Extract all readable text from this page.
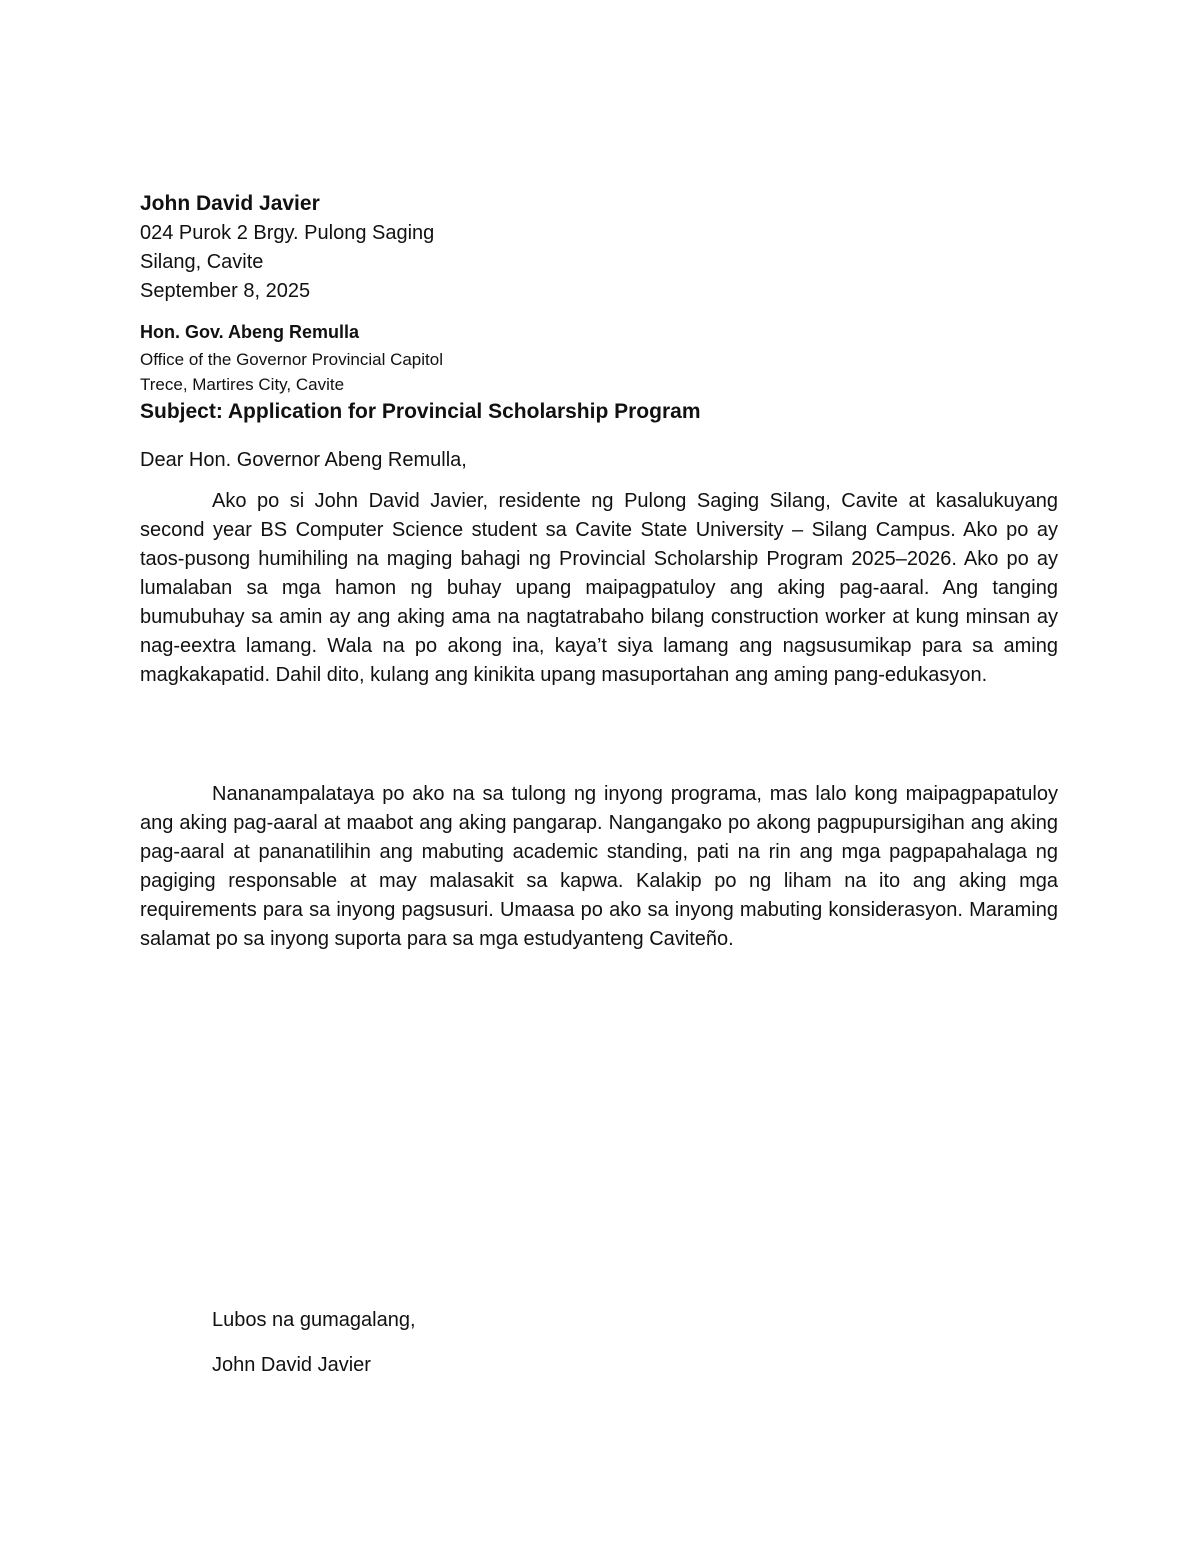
John David Javier

024 Purok 2 Brgy. Pulong Saging

Silang, Cavite

September 8, 2025

Hon. Gov. Abeng Remulla

Office of the Governor Provincial Capitol

Trece, Martires City, Cavite

Subject: Application for Provincial Scholarship Program

Dear Hon. Governor Abeng Remulla,

Ako po si John David Javier, residente ng Pulong Saging Silang, Cavite at kasalukuyang second year BS Computer Science student sa Cavite State University – Silang Campus. Ako po ay taos-pusong humihiling na maging bahagi ng Provincial Scholarship Program 2025–2026. Ako po ay lumalaban sa mga hamon ng buhay upang maipagpatuloy ang aking pag-aaral. Ang tanging bumubuhay sa amin ay ang aking ama na nagtatrabaho bilang construction worker at kung minsan ay nag-eextra lamang. Wala na po akong ina, kaya’t siya lamang ang nagsusumikap para sa aming magkakapatid. Dahil dito, kulang ang kinikita upang masuportahan ang aming pang-edukasyon.

Nananampalataya po ako na sa tulong ng inyong programa, mas lalo kong maipagpapatuloy ang aking pag-aaral at maabot ang aking pangarap. Nangangako po akong pagpupursigihan ang aking pag-aaral at pananatilihin ang mabuting academic standing, pati na rin ang mga pagpapahalaga ng pagiging responsable at may malasakit sa kapwa. Kalakip po ng liham na ito ang aking mga requirements para sa inyong pagsusuri. Umaasa po ako sa inyong mabuting konsiderasyon. Maraming salamat po sa inyong suporta para sa mga estudyanteng Caviteño.

Lubos na gumagalang,

John David Javier
